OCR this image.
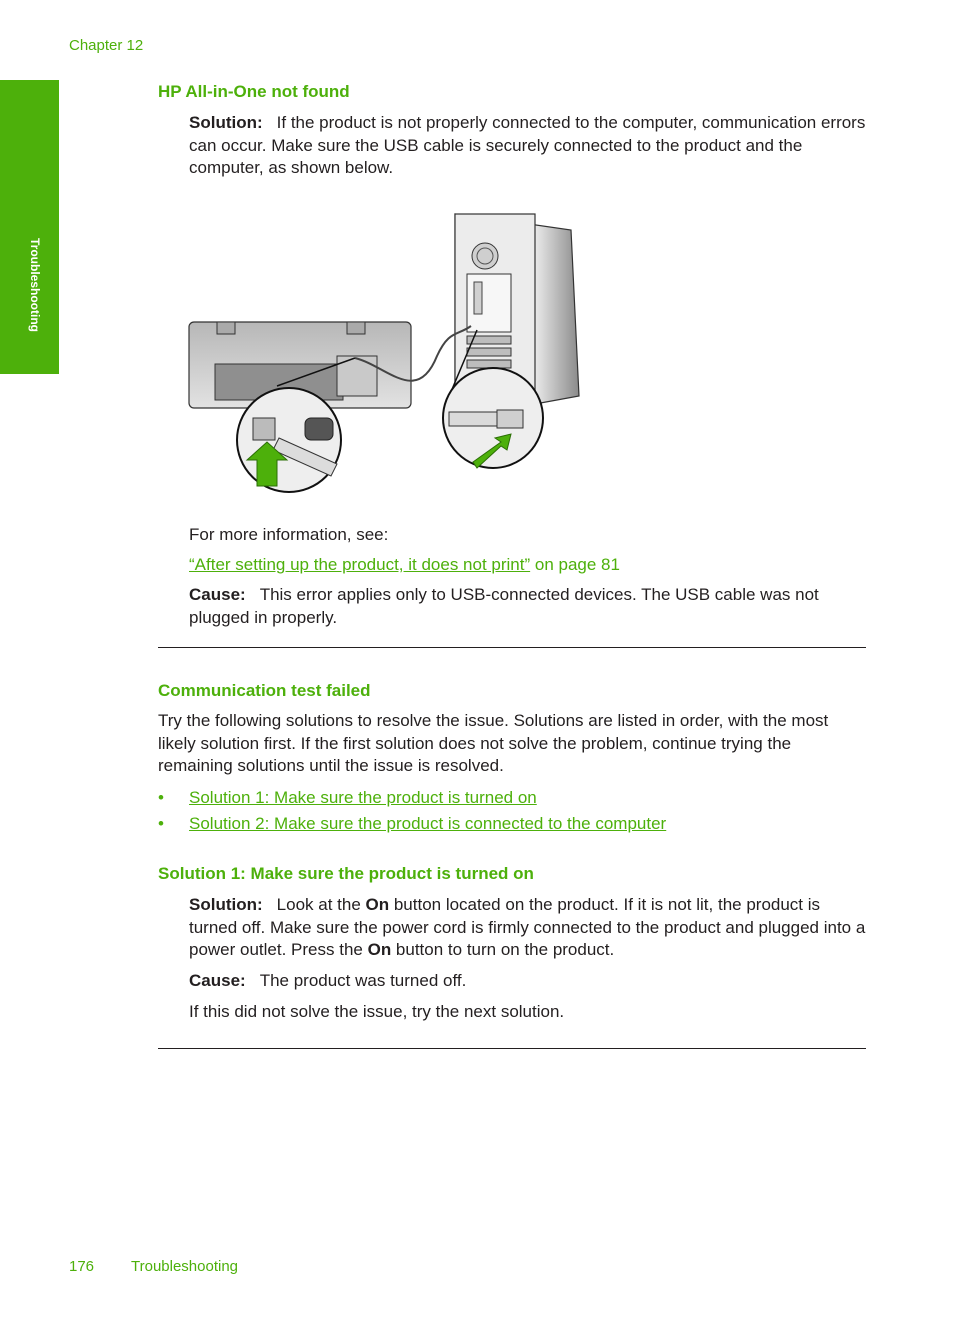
Chapter 12
Troubleshooting
HP All-in-One not found
Solution: If the product is not properly connected to the computer, communication errors can occur. Make sure the USB cable is securely connected to the product and the computer, as shown below.
For more information, see:
“After setting up the product, it does not print” on page 81
Cause: This error applies only to USB-connected devices. The USB cable was not plugged in properly.
Communication test failed
Try the following solutions to resolve the issue. Solutions are listed in order, with the most likely solution first. If the first solution does not solve the problem, continue trying the remaining solutions until the issue is resolved.
• Solution 1: Make sure the product is turned on
• Solution 2: Make sure the product is connected to the computer
Solution 1: Make sure the product is turned on
Solution: Look at the On button located on the product. If it is not lit, the product is turned off. Make sure the power cord is firmly connected to the product and plugged into a power outlet. Press the On button to turn on the product.
Cause: The product was turned off.
If this did not solve the issue, try the next solution.
176 Troubleshooting
